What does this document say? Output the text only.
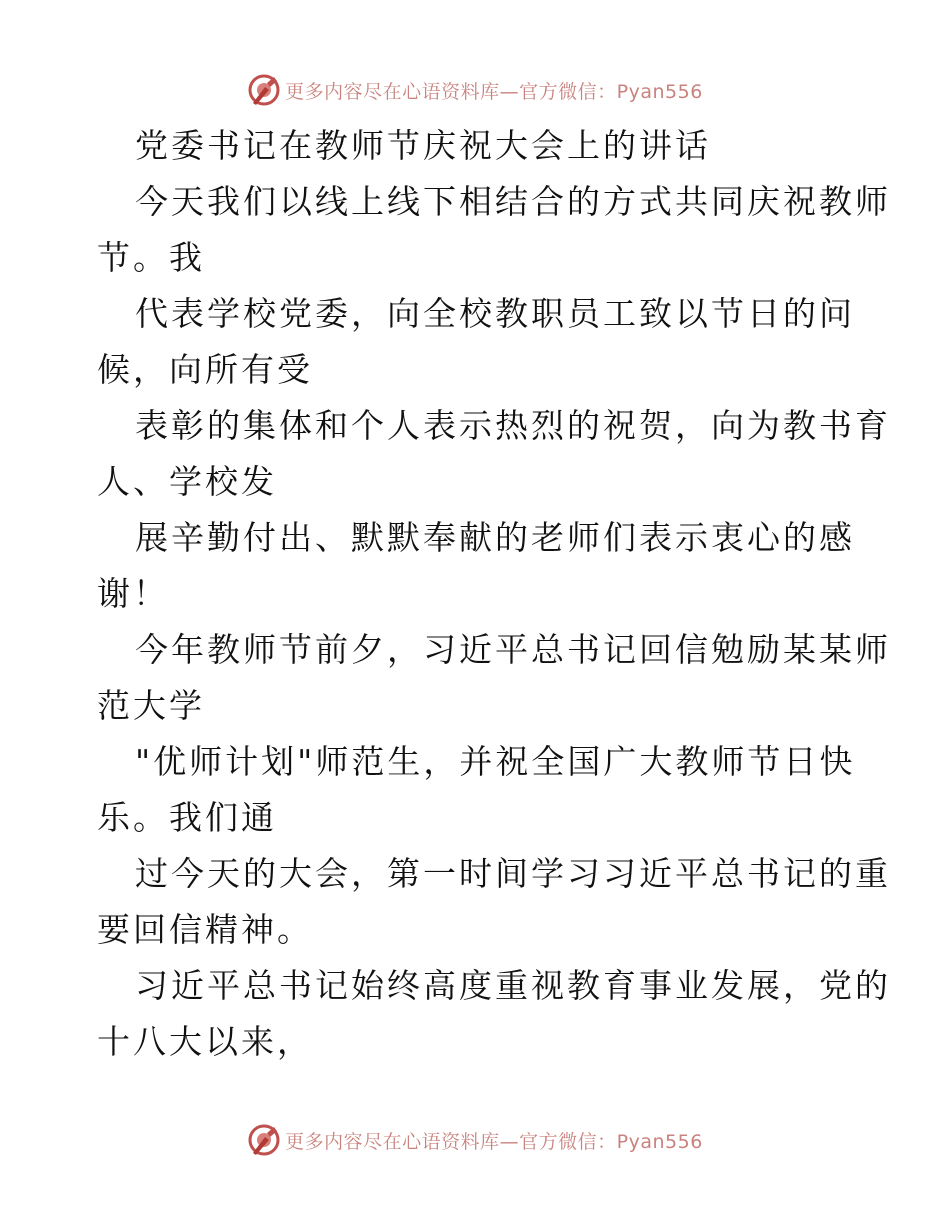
更多内容尽在心语资料库—官方微信：Pyan556
党委书记在教师节庆祝大会上的讲话
今天我们以线上线下相结合的方式共同庆祝教师
节。我
代表学校党委，向全校教职员工致以节日的问
候，向所有受
表彰的集体和个人表示热烈的祝贺，向为教书育
人、学校发
展辛勤付出、默默奉献的老师们表示衷心的感
谢！
今年教师节前夕，习近平总书记回信勉励某某师
范大学
"优师计划"师范生，并祝全国广大教师节日快
乐。我们通
过今天的大会，第一时间学习习近平总书记的重
要回信精神。
习近平总书记始终高度重视教育事业发展，党的
十八大以来，
更多内容尽在心语资料库—官方微信：Pyan556
